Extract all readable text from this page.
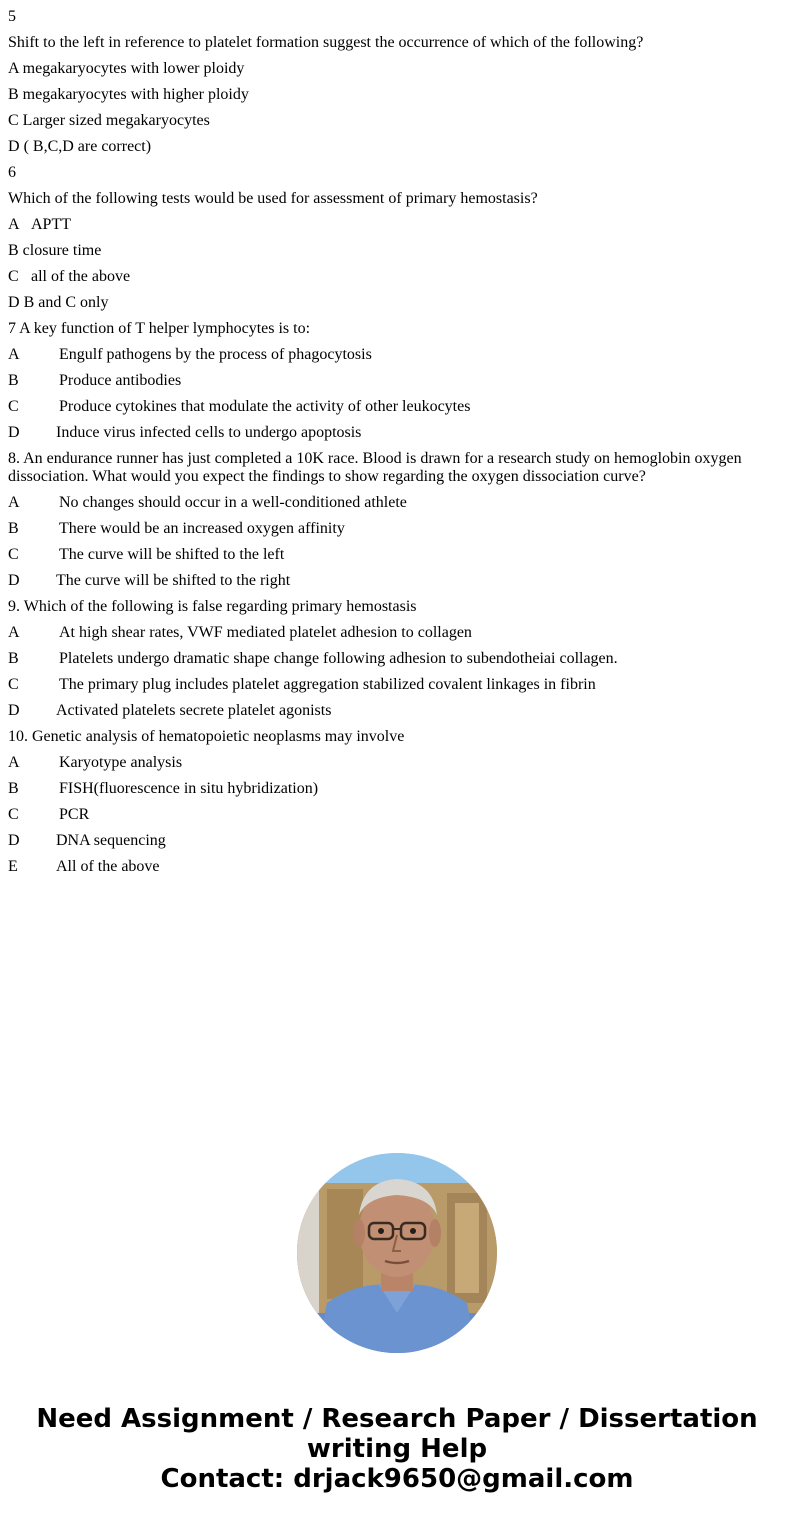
5

Shift to the left in reference to platelet formation suggest the occurrence of which of the following?

A megakaryocytes with lower ploidy

B megakaryocytes with higher ploidy

C Larger sized megakaryocytes

D ( B,C,D are correct)

6

Which of the following tests would be used for assessment of primary hemostasis?

A APTT

B closure time

C all of the above

D B and C only

7 A key function of T helper lymphocytes is to:

A Engulf pathogens by the process of phagocytosis

B	Produce antibodies

C	Produce cytokines that modulate the activity of other leukocytes

D Induce virus infected cells to undergo apoptosis

8. An endurance runner has just completed a 10K race. Blood is drawn for a research study on hemoglobin oxygen dissociation. What would you expect the findings to show regarding the oxygen dissociation curve?

A No changes should occur in a well-conditioned athlete

B	There would be an increased oxygen affinity

C	The curve will be shifted to the left

D The curve will be shifted to the right

9. Which of the following is false regarding primary hemostasis

A At high shear rates, VWF mediated platelet adhesion to collagen

B	Platelets undergo dramatic shape change following adhesion to subendotheiai collagen.

C	The primary plug includes platelet aggregation stabilized covalent linkages in fibrin

D Activated platelets secrete platelet agonists

10. Genetic analysis of hematopoietic neoplasms may involve

A Karyotype analysis

B	FISH(fluorescence in situ hybridization)

C	PCR

D DNA sequencing

E All of the above

Need Assignment / Research Paper / Dissertation
writing Help
Contact: drjack9650@gmail.com
